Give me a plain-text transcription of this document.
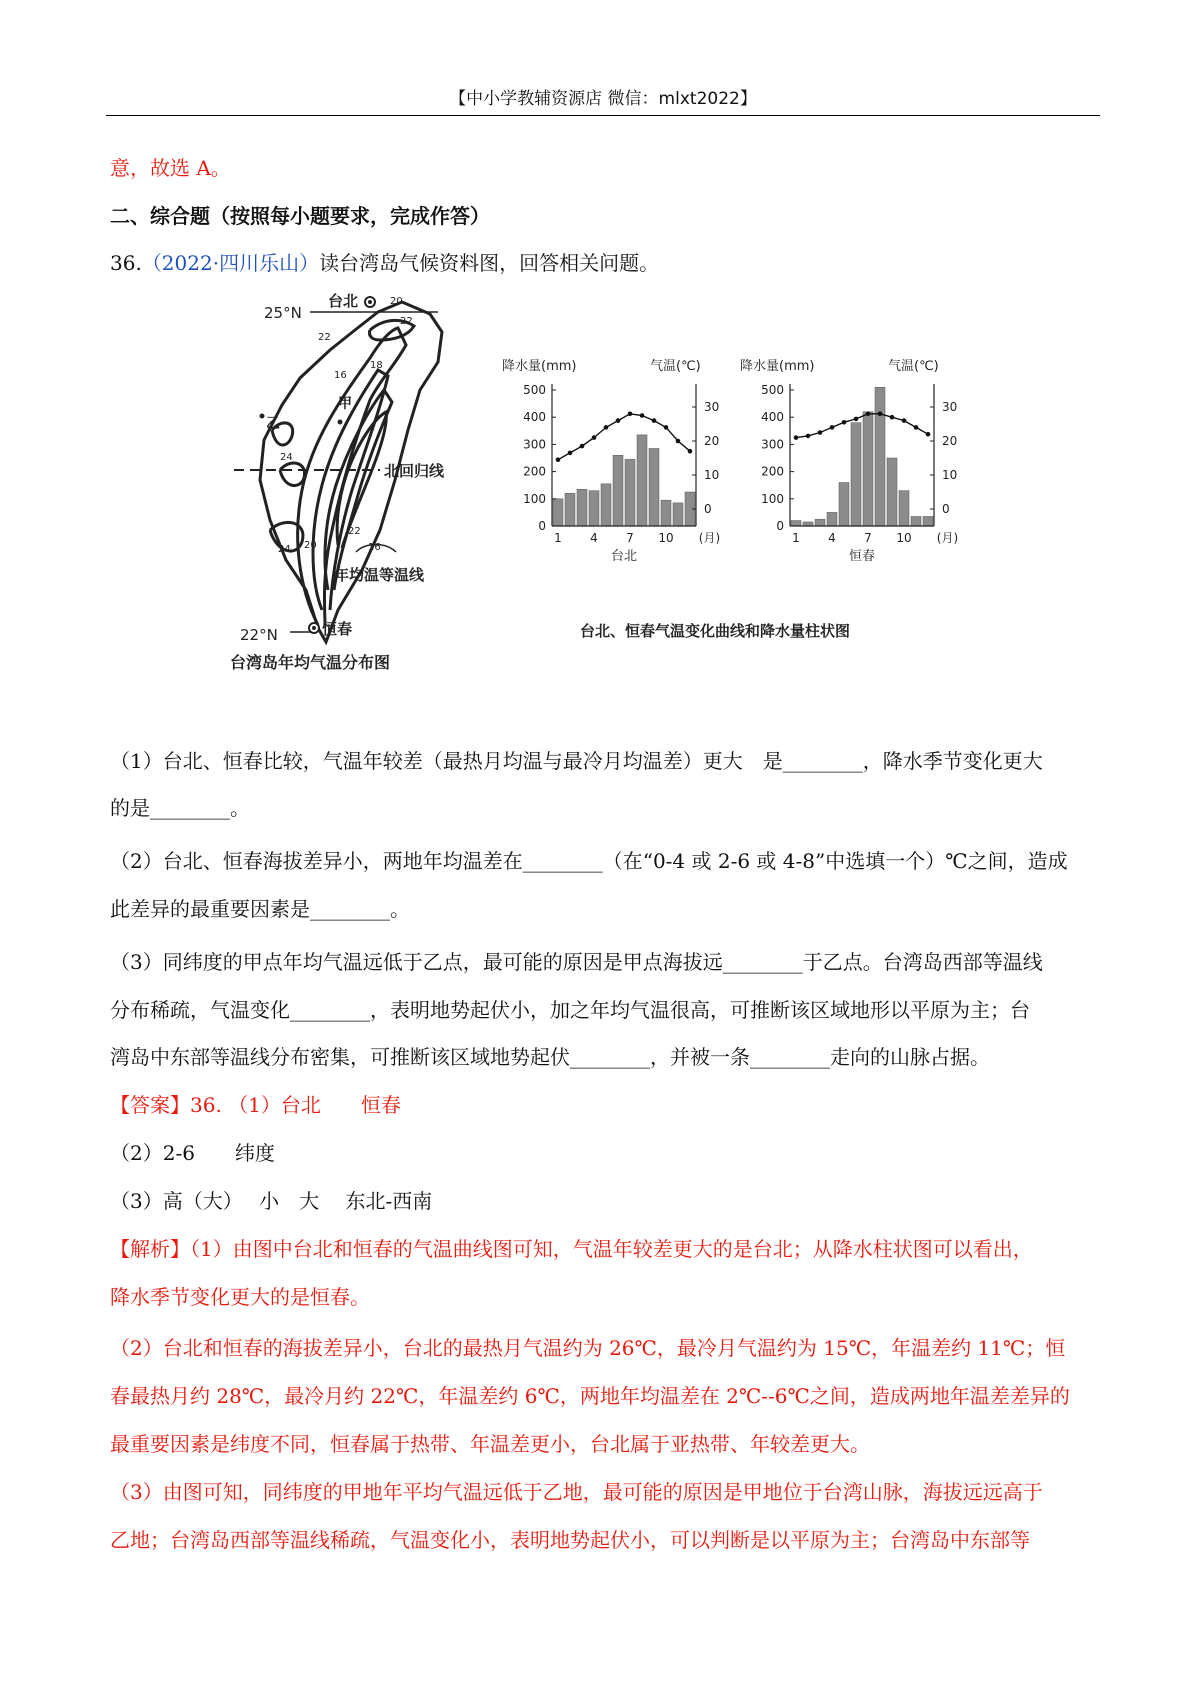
【中小学教辅资源店 微信：mlxt2022】
意，故选 A。
二、综合题（按照每小题要求，完成作答）
36.（2022·四川乐山）读台湾岛气候资料图，回答相关问题。
25°N
台北	20
22
22
18
16
甲
乙
24
北回归线
24
22
20	16
年均温等温线
恒春
22°N
台湾岛年均气温分布图
降水量(mm)	气温(℃)
0
100
200
300
400
500
0
10
20
30
1 4 7 10 (月)
台北
降水量(mm)	气温(℃)
0
100
200
300
400
500
0
10
20
30
1 4 7 10 (月)
恒春
台北、恒春气温变化曲线和降水量柱状图
（1）台北、恒春比较，气温年较差（最热月均温与最冷月均温差）更大　是________，降水季节变化更大
的是________。
（2）台北、恒春海拔差异小，两地年均温差在________（在“0-4 或 2-6 或 4-8”中选填一个）℃之间，造成
此差异的最重要因素是________。
（3）同纬度的甲点年均气温远低于乙点，最可能的原因是甲点海拔远________于乙点。台湾岛西部等温线
分布稀疏，气温变化________，表明地势起伏小，加之年均气温很高，可推断该区域地形以平原为主；台
湾岛中东部等温线分布密集，可推断该区域地势起伏________，并被一条________走向的山脉占据。
【答案】36. （1）台北　　恒春
（2）2-6　　纬度
（3）高（大）　 小　大　 东北-西南
【解析】（1）由图中台北和恒春的气温曲线图可知，气温年较差更大的是台北；从降水柱状图可以看出，
降水季节变化更大的是恒春。
（2）台北和恒春的海拔差异小，台北的最热月气温约为 26℃，最冷月气温约为 15℃，年温差约 11℃；恒
春最热月约 28℃，最冷月约 22℃，年温差约 6℃，两地年均温差在 2℃--6℃之间，造成两地年温差差异的
最重要因素是纬度不同，恒春属于热带、年温差更小，台北属于亚热带、年较差更大。
（3）由图可知，同纬度的甲地年平均气温远低于乙地，最可能的原因是甲地位于台湾山脉，海拔远远高于
乙地；台湾岛西部等温线稀疏，气温变化小，表明地势起伏小，可以判断是以平原为主；台湾岛中东部等
